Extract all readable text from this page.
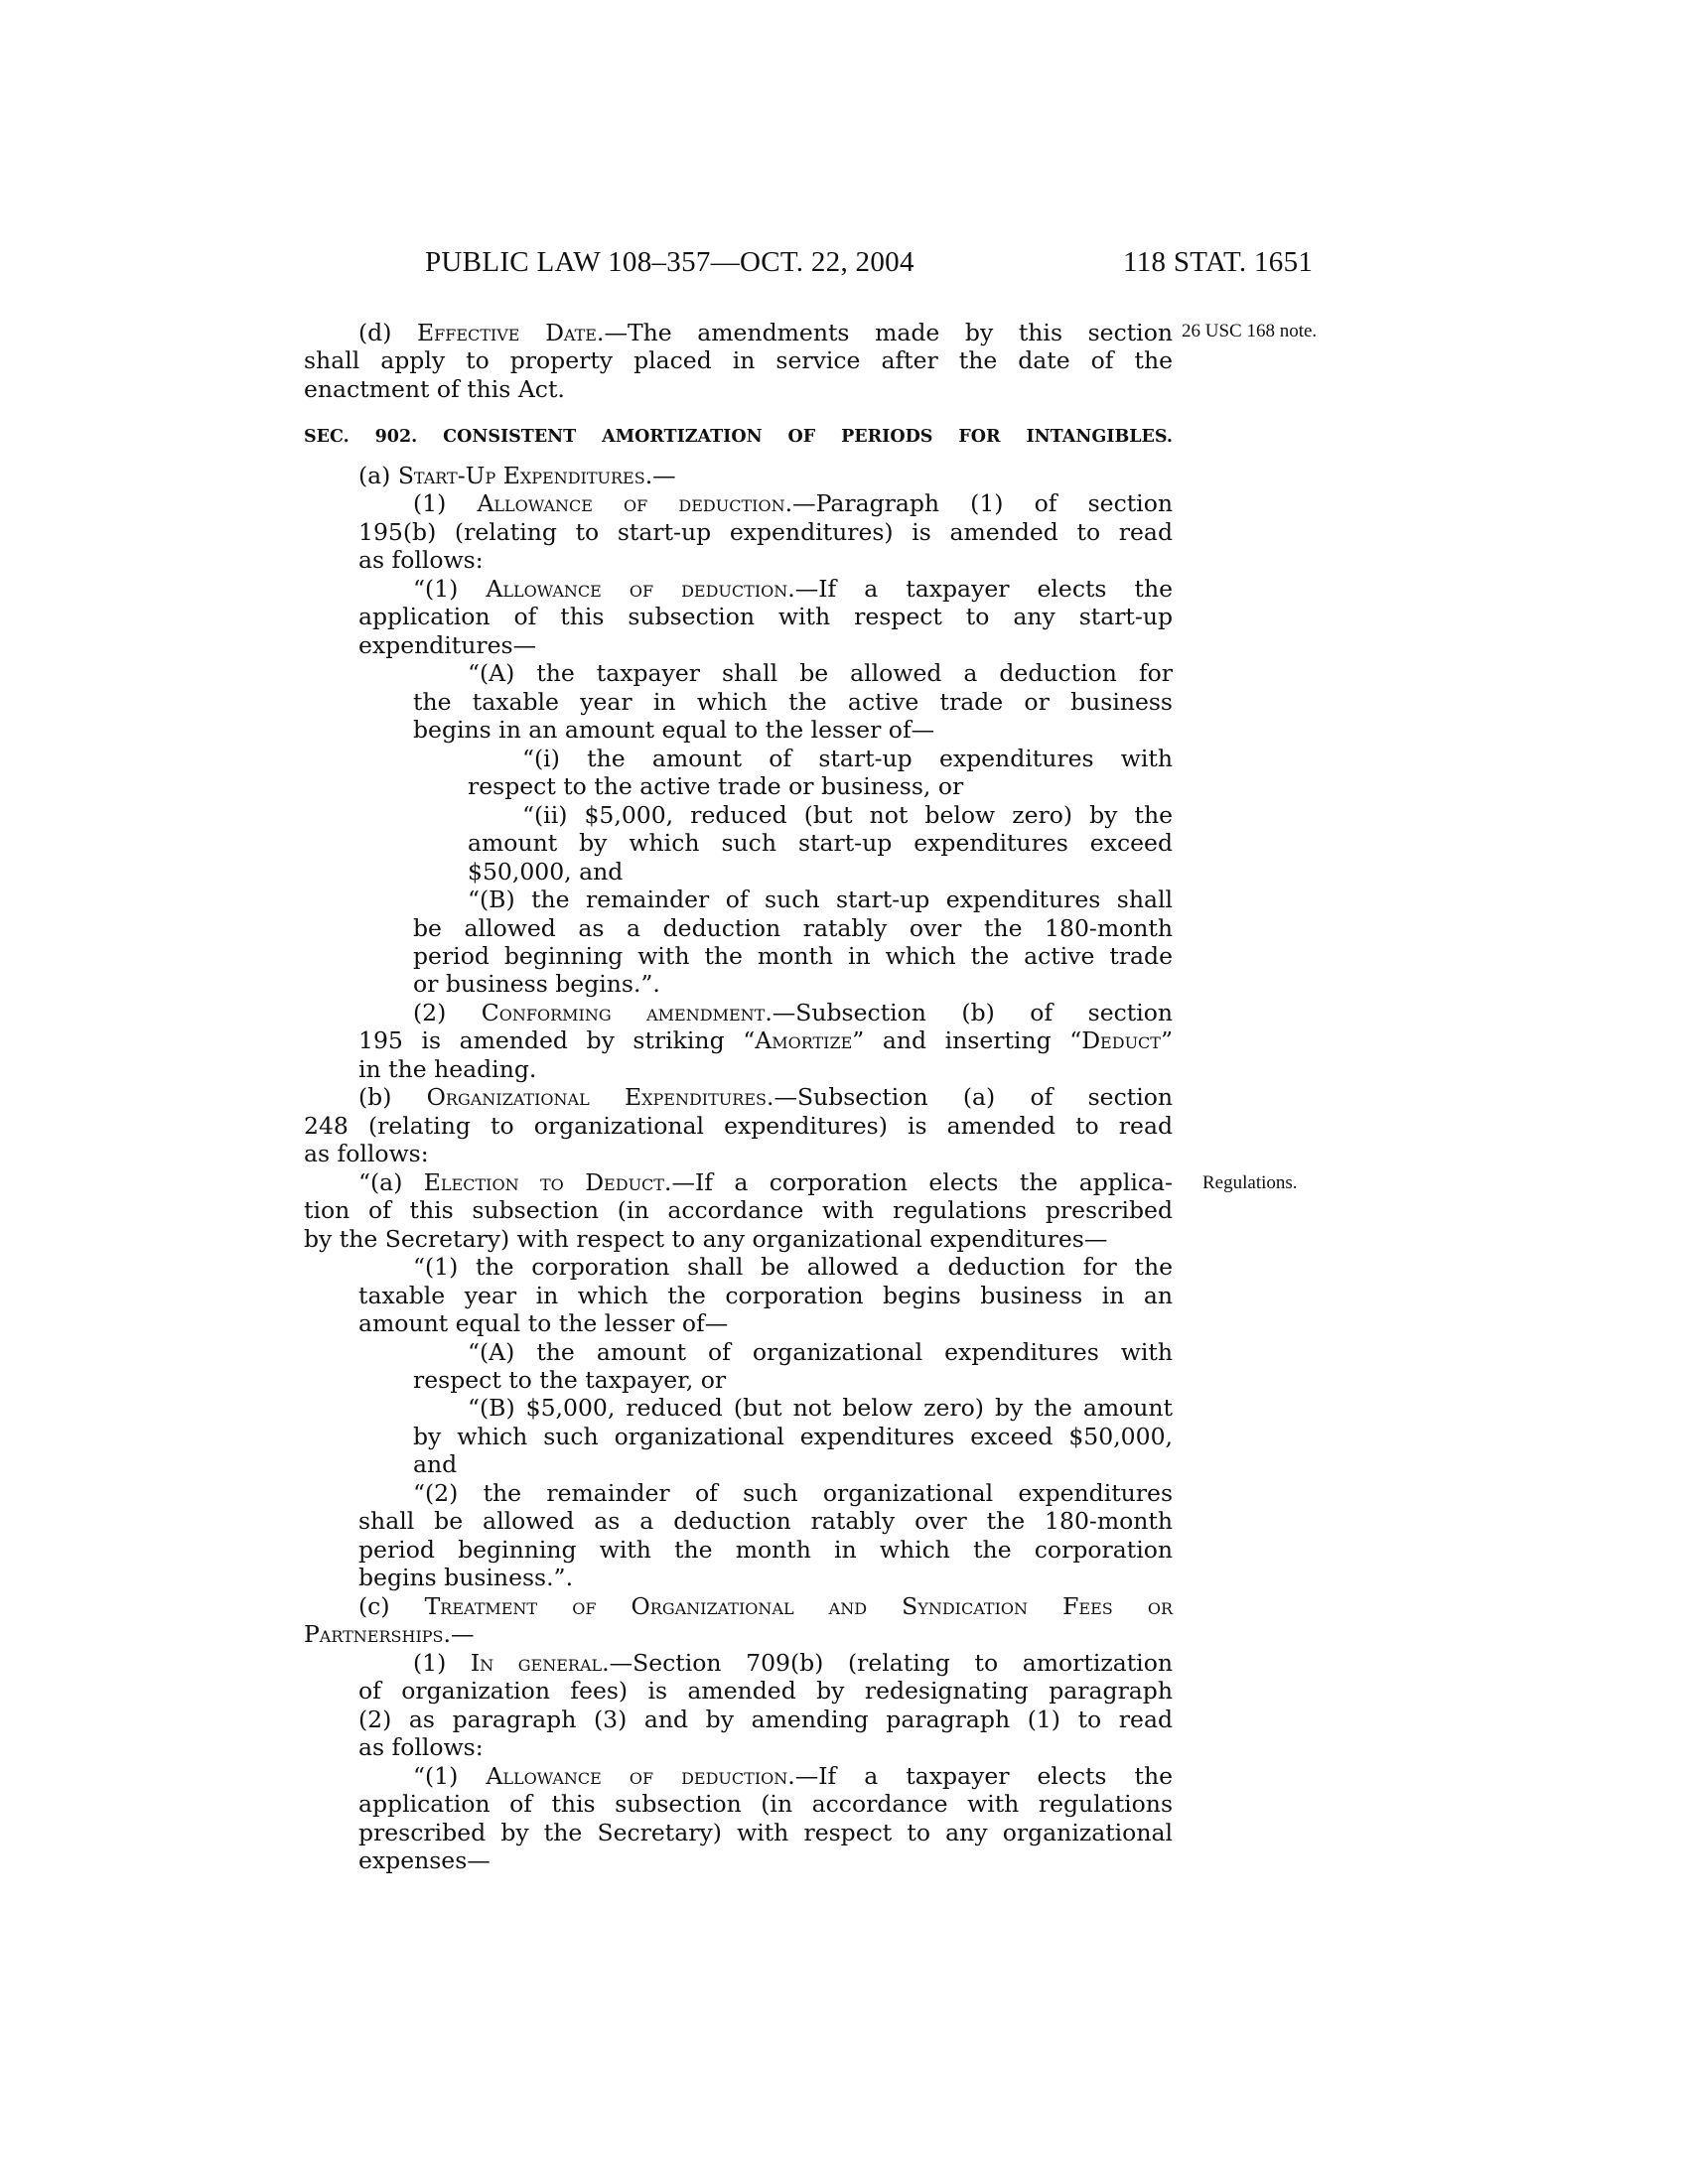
PUBLIC LAW 108–357—OCT. 22, 2004	118 STAT. 1651
26 USC 168 note.
Regulations.
(d) Effective Date.—The amendments made by this section
shall apply to property placed in service after the date of the
enactment of this Act.
SEC. 902. CONSISTENT AMORTIZATION OF PERIODS FOR INTANGIBLES.
(a) Start-Up Expenditures.—
(1) Allowance of deduction.—Paragraph (1) of section
195(b) (relating to start-up expenditures) is amended to read
as follows:
“(1) Allowance of deduction.—If a taxpayer elects the
application of this subsection with respect to any start-up
expenditures—
“(A) the taxpayer shall be allowed a deduction for
the taxable year in which the active trade or business
begins in an amount equal to the lesser of—
“(i) the amount of start-up expenditures with
respect to the active trade or business, or
“(ii) $5,000, reduced (but not below zero) by the
amount by which such start-up expenditures exceed
$50,000, and
“(B) the remainder of such start-up expenditures shall
be allowed as a deduction ratably over the 180-month
period beginning with the month in which the active trade
or business begins.”.
(2) Conforming amendment.—Subsection (b) of section
195 is amended by striking “Amortize” and inserting “Deduct”
in the heading.
(b) Organizational Expenditures.—Subsection (a) of section
248 (relating to organizational expenditures) is amended to read
as follows:
“(a) Election to Deduct.—If a corporation elects the applica-
tion of this subsection (in accordance with regulations prescribed
by the Secretary) with respect to any organizational expenditures—
“(1) the corporation shall be allowed a deduction for the
taxable year in which the corporation begins business in an
amount equal to the lesser of—
“(A) the amount of organizational expenditures with
respect to the taxpayer, or
“(B) $5,000, reduced (but not below zero) by the amount
by which such organizational expenditures exceed $50,000,
and
“(2) the remainder of such organizational expenditures
shall be allowed as a deduction ratably over the 180-month
period beginning with the month in which the corporation
begins business.”.
(c) Treatment of Organizational and Syndication Fees or
Partnerships.—
(1) In general.—Section 709(b) (relating to amortization
of organization fees) is amended by redesignating paragraph
(2) as paragraph (3) and by amending paragraph (1) to read
as follows:
“(1) Allowance of deduction.—If a taxpayer elects the
application of this subsection (in accordance with regulations
prescribed by the Secretary) with respect to any organizational
expenses—
